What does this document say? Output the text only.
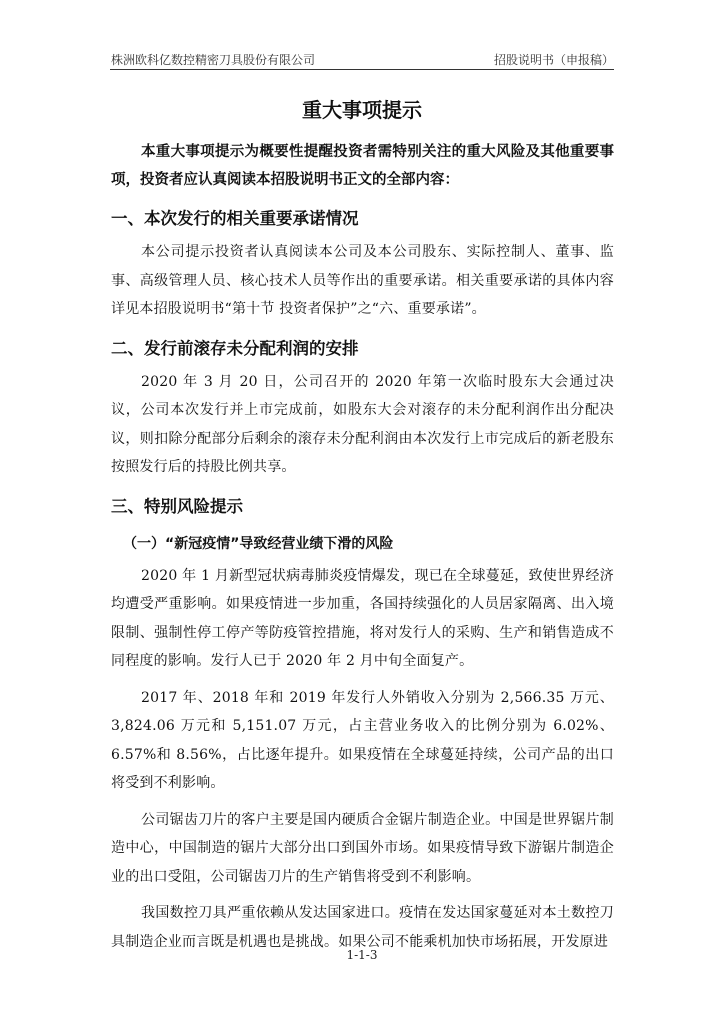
株洲欧科亿数控精密刀具股份有限公司	招股说明书（申报稿）
重大事项提示

本重大事项提示为概要性提醒投资者需特别关注的重大风险及其他重要事项，投资者应认真阅读本招股说明书正文的全部内容：

一、本次发行的相关重要承诺情况

本公司提示投资者认真阅读本公司及本公司股东、实际控制人、董事、监事、高级管理人员、核心技术人员等作出的重要承诺。相关重要承诺的具体内容详见本招股说明书“第十节 投资者保护”之“六、重要承诺”。

二、发行前滚存未分配利润的安排

2020 年 3 月 20 日，公司召开的 2020 年第一次临时股东大会通过决议，公司本次发行并上市完成前，如股东大会对滚存的未分配利润作出分配决议，则扣除分配部分后剩余的滚存未分配利润由本次发行上市完成后的新老股东按照发行后的持股比例共享。

三、特别风险提示
（一）“新冠疫情”导致经营业绩下滑的风险

2020 年 1 月新型冠状病毒肺炎疫情爆发，现已在全球蔓延，致使世界经济均遭受严重影响。如果疫情进一步加重，各国持续强化的人员居家隔离、出入境限制、强制性停工停产等防疫管控措施，将对发行人的采购、生产和销售造成不同程度的影响。发行人已于 2020 年 2 月中旬全面复产。

2017 年、2018 年和 2019 年发行人外销收入分别为 2,566.35 万元、3,824.06 万元和 5,151.07 万元，占主营业务收入的比例分别为 6.02%、6.57%和 8.56%，占比逐年提升。如果疫情在全球蔓延持续，公司产品的出口将受到不利影响。

公司锯齿刀片的客户主要是国内硬质合金锯片制造企业。中国是世界锯片制造中心，中国制造的锯片大部分出口到国外市场。如果疫情导致下游锯片制造企业的出口受阻，公司锯齿刀片的生产销售将受到不利影响。

我国数控刀具严重依赖从发达国家进口。疫情在发达国家蔓延对本土数控刀具制造企业而言既是机遇也是挑战。如果公司不能乘机加快市场拓展，开发原进

1-1-3
